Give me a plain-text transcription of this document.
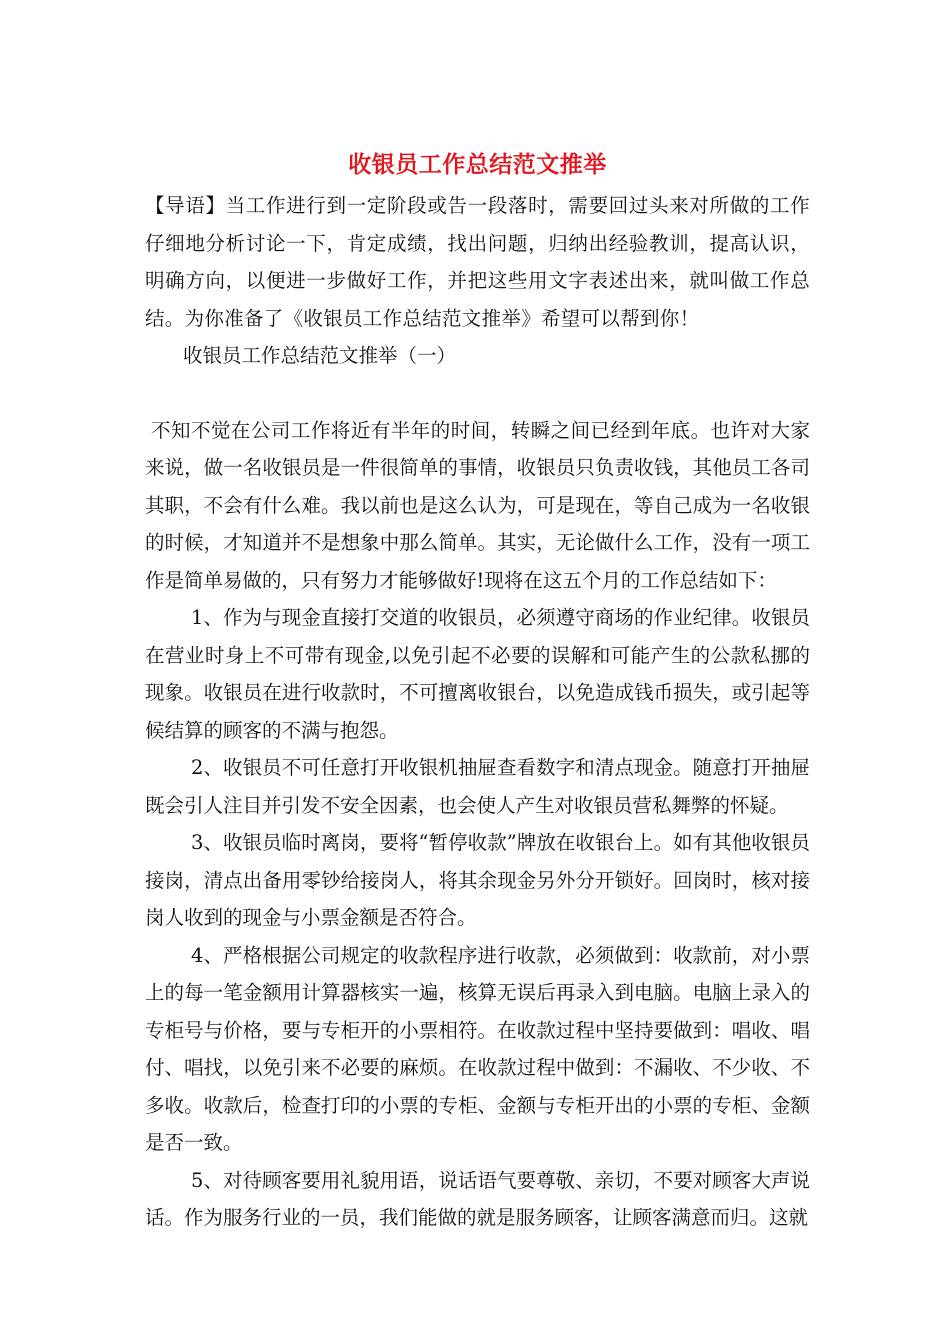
收银员工作总结范文推举

【导语】当工作进行到一定阶段或告一段落时，需要回过头来对所做的工作仔细地分析讨论一下，肯定成绩，找出问题，归纳出经验教训，提高认识，明确方向，以便进一步做好工作，并把这些用文字表述出来，就叫做工作总结。为你准备了《收银员工作总结范文推举》希望可以帮到你！

收银员工作总结范文推举（一）

不知不觉在公司工作将近有半年的时间，转瞬之间已经到年底。也许对大家来说，做一名收银员是一件很简单的事情，收银员只负责收钱，其他员工各司其职，不会有什么难。我以前也是这么认为，可是现在，等自己成为一名收银的时候，才知道并不是想象中那么简单。其实，无论做什么工作，没有一项工作是简单易做的，只有努力才能够做好!现将在这五个月的工作总结如下：

1、作为与现金直接打交道的收银员，必须遵守商场的作业纪律。收银员在营业时身上不可带有现金,以免引起不必要的误解和可能产生的公款私挪的现象。收银员在进行收款时，不可擅离收银台，以免造成钱币损失，或引起等候结算的顾客的不满与抱怨。

2、收银员不可任意打开收银机抽屉查看数字和清点现金。随意打开抽屉既会引人注目并引发不安全因素，也会使人产生对收银员营私舞弊的怀疑。

3、收银员临时离岗，要将“暂停收款”牌放在收银台上。如有其他收银员接岗，清点出备用零钞给接岗人，将其余现金另外分开锁好。回岗时，核对接岗人收到的现金与小票金额是否符合。

4、严格根据公司规定的收款程序进行收款，必须做到：收款前，对小票上的每一笔金额用计算器核实一遍，核算无误后再录入到电脑。电脑上录入的专柜号与价格，要与专柜开的小票相符。在收款过程中坚持要做到：唱收、唱付、唱找，以免引来不必要的麻烦。在收款过程中做到：不漏收、不少收、不多收。收款后，检查打印的小票的专柜、金额与专柜开出的小票的专柜、金额是否一致。

5、对待顾客要用礼貌用语，说话语气要尊敬、亲切，不要对顾客大声说话。作为服务行业的一员，我们能做的就是服务顾客，让顾客满意而归。这就
